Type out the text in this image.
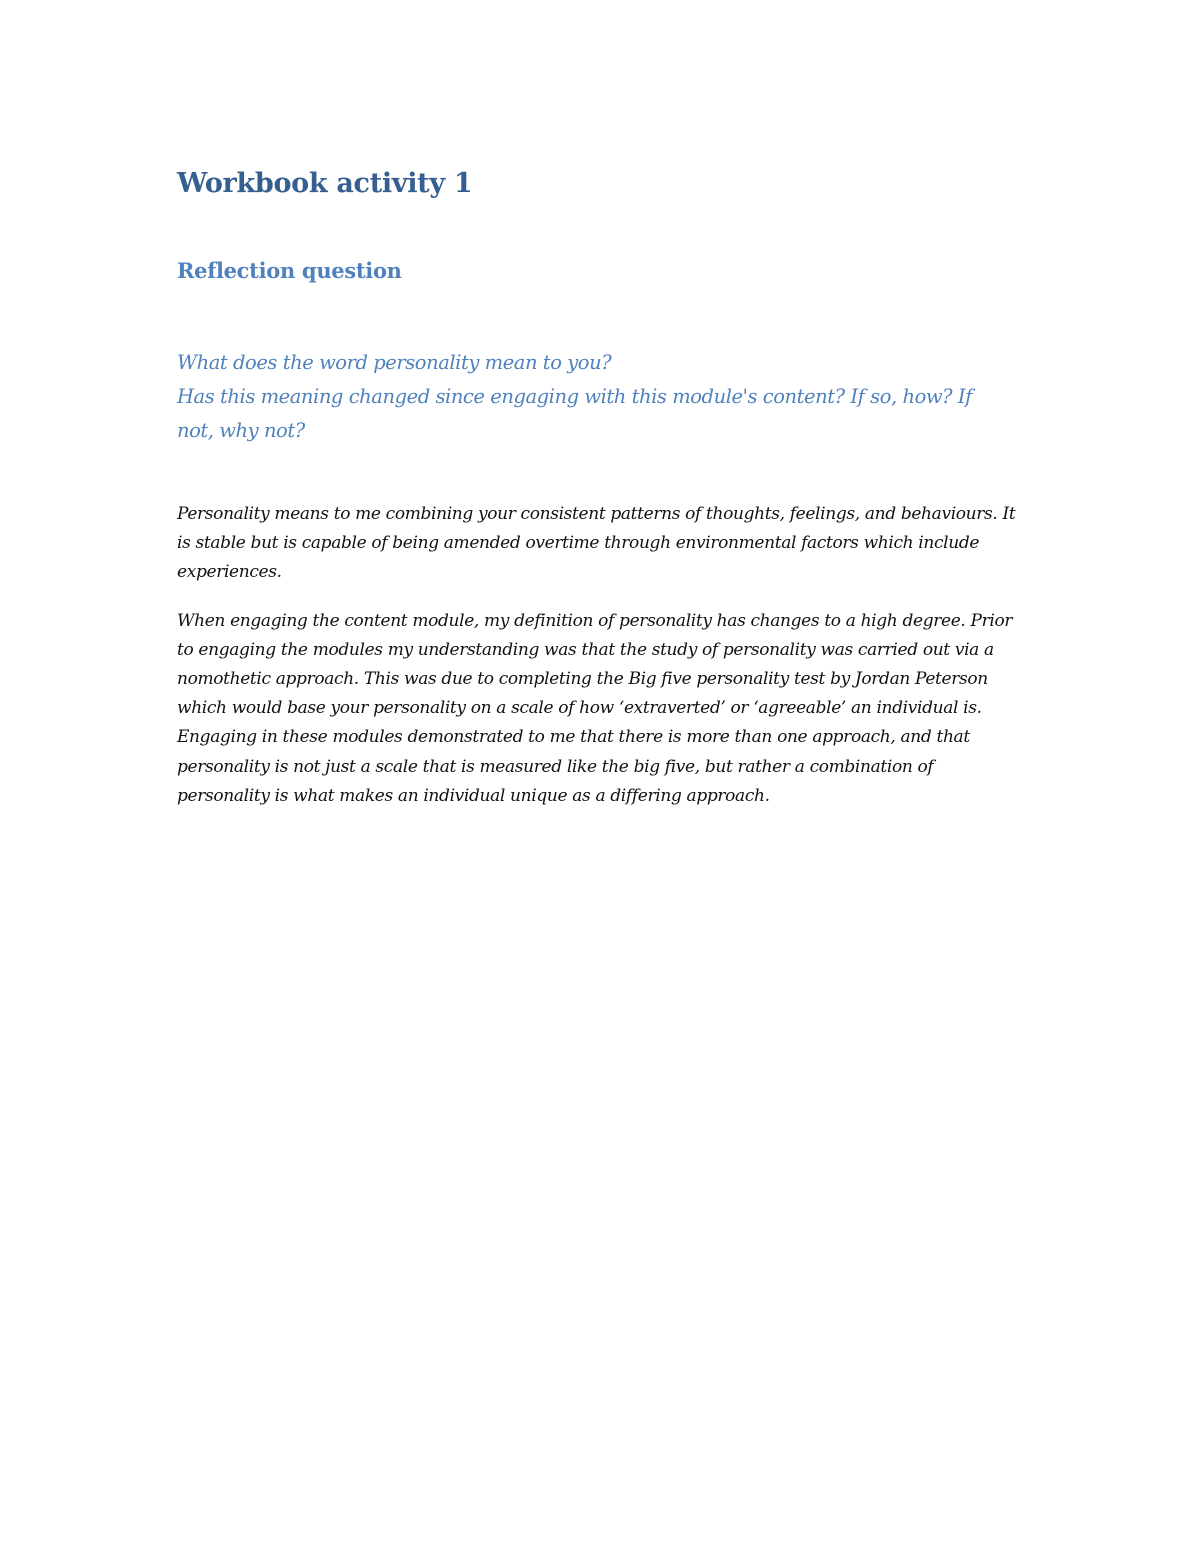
Workbook activity 1
Reflection question

What does the word personality mean to you?

Has this meaning changed since engaging with this module's content? If so, how? If not, why not?

Personality means to me combining your consistent patterns of thoughts, feelings, and behaviours. It is stable but is capable of being amended overtime through environmental factors which include experiences.

When engaging the content module, my definition of personality has changes to a high degree. Prior to engaging the modules my understanding was that the study of personality was carried out via a nomothetic approach. This was due to completing the Big five personality test by Jordan Peterson which would base your personality on a scale of how ‘extraverted’ or ‘agreeable’ an individual is.    Engaging in these modules demonstrated to me that there is more than one approach, and that personality is not just a scale that is measured like the big five, but rather a combination of personality is what makes an individual unique as a differing approach.
